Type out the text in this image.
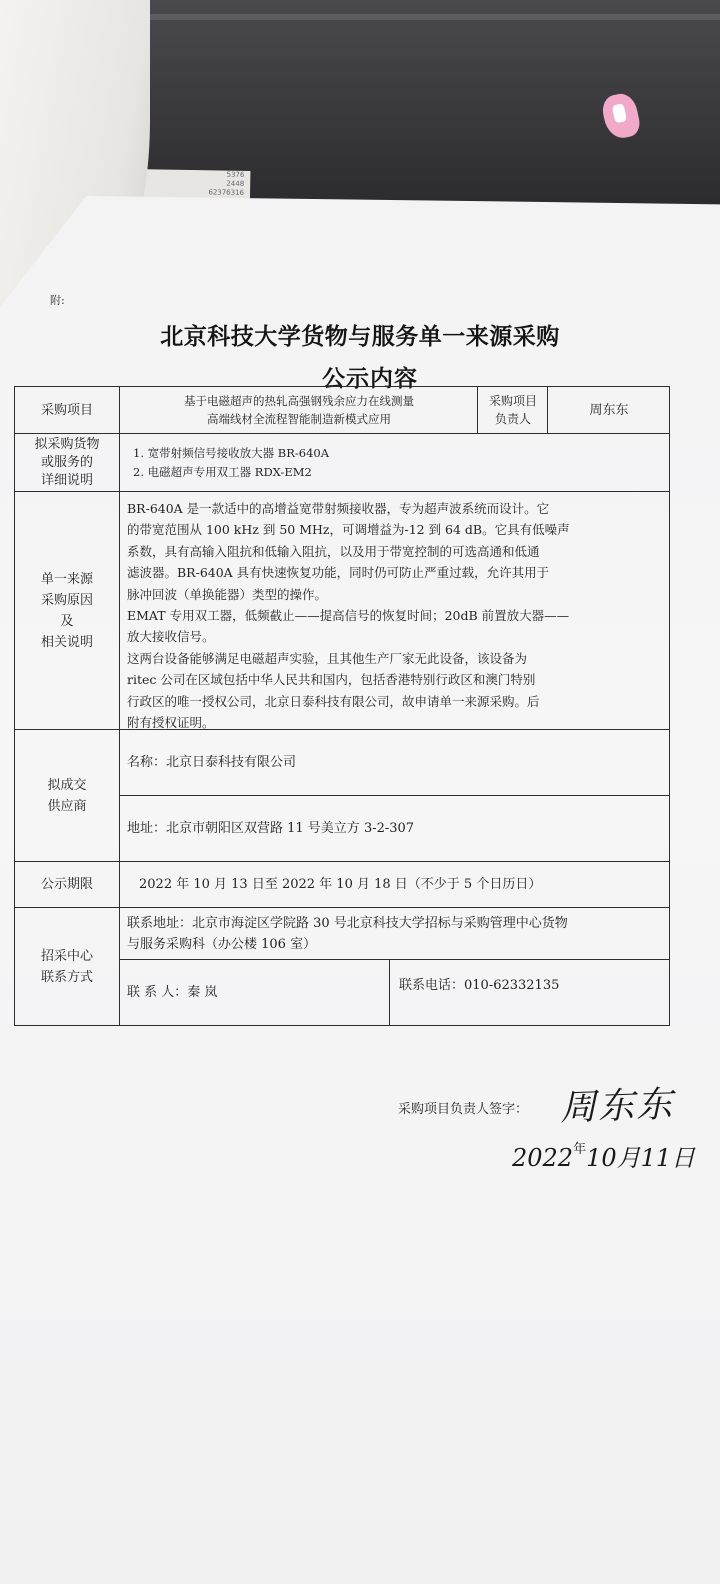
5376
2448
62376316
附:
北京科技大学货物与服务单一来源采购
公示内容
采购项目
基于电磁超声的热轧高强钢残余应力在线测量
高端线材全流程智能制造新模式应用
采购项目
负责人
周东东
拟采购货物
或服务的
详细说明
1. 宽带射频信号接收放大器 BR-640A
2. 电磁超声专用双工器 RDX-EM2
单一来源
采购原因
及
相关说明

BR-640A 是一款适中的高增益宽带射频接收器，专为超声波系统而设计。它

的带宽范围从 100 kHz 到 50 MHz，可调增益为-12 到 64 dB。它具有低噪声

系数，具有高输入阻抗和低输入阻抗，以及用于带宽控制的可选高通和低通

滤波器。BR-640A 具有快速恢复功能，同时仍可防止严重过载，允许其用于

脉冲回波（单换能器）类型的操作。

EMAT 专用双工器，低频截止——提高信号的恢复时间；20dB 前置放大器——

放大接收信号。

这两台设备能够满足电磁超声实验，且其他生产厂家无此设备，该设备为

ritec 公司在区域包括中华人民共和国内，包括香港特别行政区和澳门特别

行政区的唯一授权公司，北京日泰科技有限公司，故申请单一来源采购。后

附有授权证明。

拟成交
供应商
名称：北京日泰科技有限公司
地址：北京市朝阳区双营路 11 号美立方 3-2-307
公示期限	2022 年 10 月 13 日至 2022 年 10 月 18 日（不少于 5 个日历日）
招采中心
联系方式
联系地址：北京市海淀区学院路 30 号北京科技大学招标与采购管理中心货物
与服务采购科（办公楼 106 室）
联 系 人：秦 岚	联系电话：010-62332135
采购项目负责人签字： 周东东
$2022^年10$月11日
